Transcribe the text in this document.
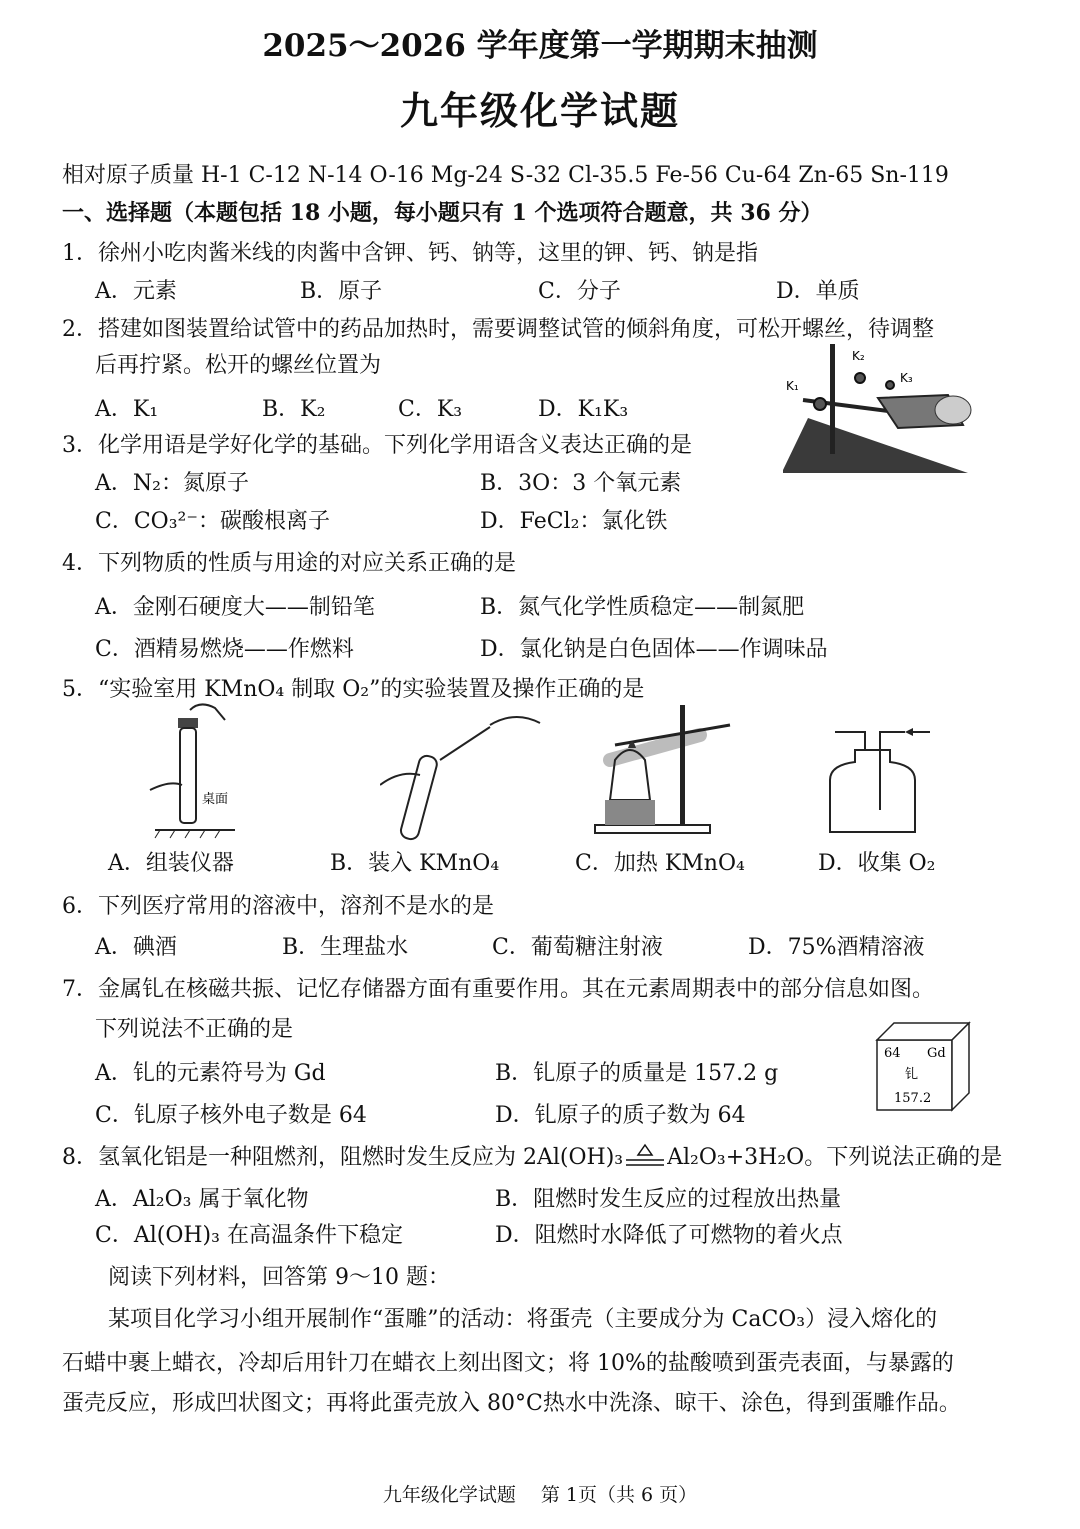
2025～2026 学年度第一学期期末抽测
九年级化学试题
相对原子质量 H-1 C-12 N-14 O-16 Mg-24 S-32 Cl-35.5 Fe-56 Cu-64 Zn-65 Sn-119
一、选择题（本题包括 18 小题，每小题只有 1 个选项符合题意，共 36 分）
1．徐州小吃肉酱米线的肉酱中含钾、钙、钠等，这里的钾、钙、钠是指
A．元素	B．原子	C．分子	D．单质
2．搭建如图装置给试管中的药品加热时，需要调整试管的倾斜角度，可松开螺丝，待调整
后再拧紧。松开的螺丝位置为
A．K₁	B．K₂	C．K₃	D．K₁K₃
K₁
K₂
K₃
3．化学用语是学好化学的基础。下列化学用语含义表达正确的是
A．N₂：氮原子	B．3O：3 个氧元素
C．CO₃²⁻：碳酸根离子	D．FeCl₂：氯化铁
4．下列物质的性质与用途的对应关系正确的是
A．金刚石硬度大——制铅笔	B．氮气化学性质稳定——制氮肥
C．酒精易燃烧——作燃料	D．氯化钠是白色固体——作调味品
5．“实验室用 KMnO₄ 制取 O₂”的实验装置及操作正确的是
桌面
A．组装仪器	B．装入 KMnO₄	C．加热 KMnO₄	D．收集 O₂
6．下列医疗常用的溶液中，溶剂不是水的是
A．碘酒	B．生理盐水	C．葡萄糖注射液	D．75%酒精溶液
7．金属钆在核磁共振、记忆存储器方面有重要作用。其在元素周期表中的部分信息如图。
下列说法不正确的是
A．钆的元素符号为 Gd	B．钆原子的质量是 157.2 g
C．钆原子核外电子数是 64	D．钆原子的质子数为 64
64 Gd
钆
157.2
8．氢氧化铝是一种阻燃剂，阻燃时发生反应为 2Al(OH)₃ Al₂O₃+3H₂O。下列说法正确的是
A．Al₂O₃ 属于氧化物	B．阻燃时发生反应的过程放出热量
C．Al(OH)₃ 在高温条件下稳定	D．阻燃时水降低了可燃物的着火点
阅读下列材料，回答第 9～10 题：
某项目化学习小组开展制作“蛋雕”的活动：将蛋壳（主要成分为 CaCO₃）浸入熔化的
石蜡中裹上蜡衣，冷却后用针刀在蜡衣上刻出图文；将 10%的盐酸喷到蛋壳表面，与暴露的
蛋壳反应，形成凹状图文；再将此蛋壳放入 80°C热水中洗涤、晾干、涂色，得到蛋雕作品。
九年级化学试题　 第 1页（共 6 页）
